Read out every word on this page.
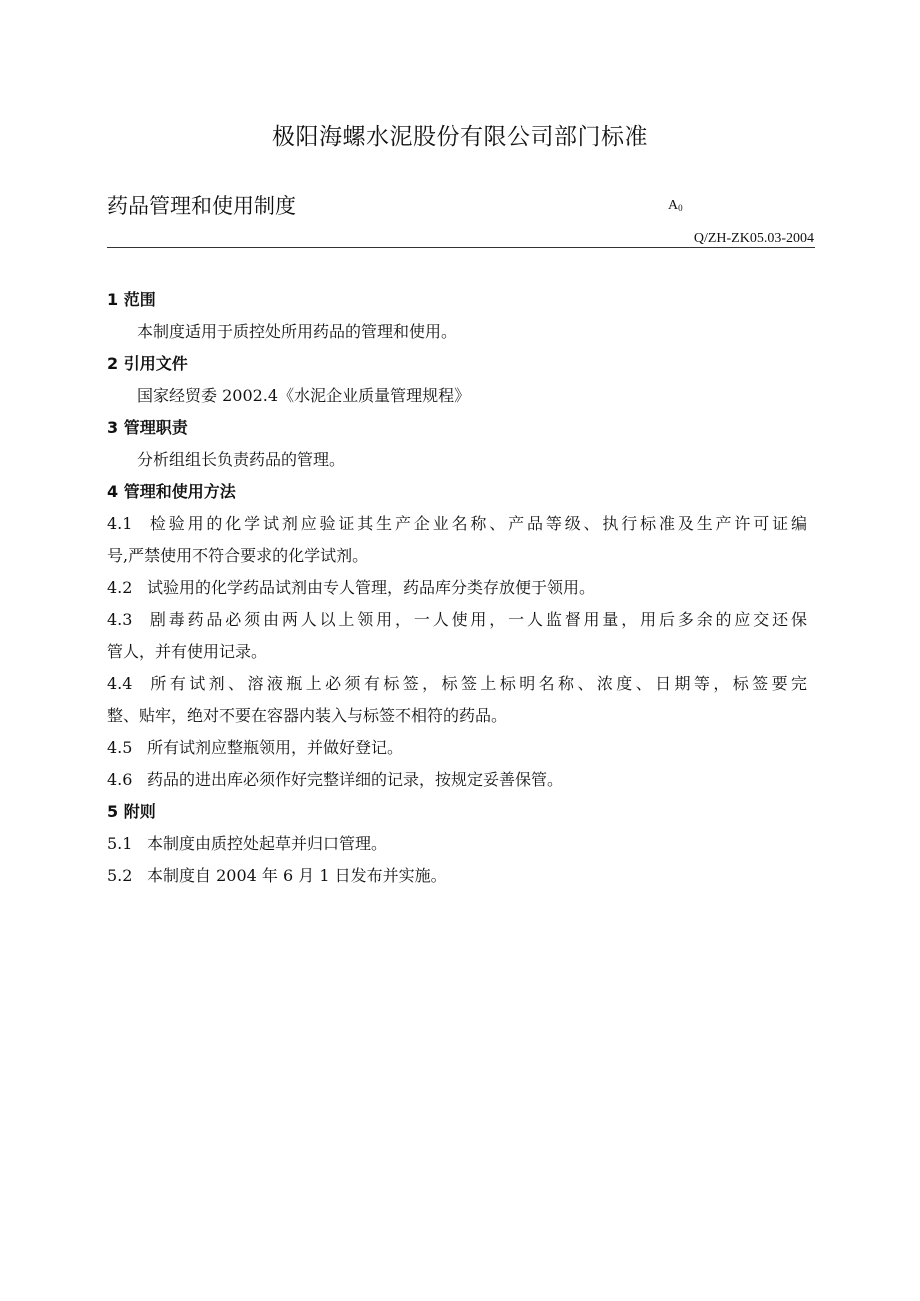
极阳海螺水泥股份有限公司部门标准
药品管理和使用制度	$A_0$
Q/ZH-ZK05.03-2004
1 范围
本制度适用于质控处所用药品的管理和使用。
2 引用文件
国家经贸委 2002.4《水泥企业质量管理规程》
3 管理职责
分析组组长负责药品的管理。
4 管理和使用方法
4.1 检验用的化学试剂应验证其生产企业名称、产品等级、执行标准及生产许可证编
号,严禁使用不符合要求的化学试剂。
4.2 试验用的化学药品试剂由专人管理，药品库分类存放便于领用。
4.3 剧毒药品必须由两人以上领用，一人使用，一人监督用量，用后多余的应交还保
管人，并有使用记录。
4.4 所有试剂、溶液瓶上必须有标签，标签上标明名称、浓度、日期等，标签要完
整、贴牢，绝对不要在容器内装入与标签不相符的药品。
4.5 所有试剂应整瓶领用，并做好登记。
4.6 药品的进出库必须作好完整详细的记录，按规定妥善保管。
5 附则
5.1 本制度由质控处起草并归口管理。
5.2 本制度自 2004 年 6 月 1 日发布并实施。
